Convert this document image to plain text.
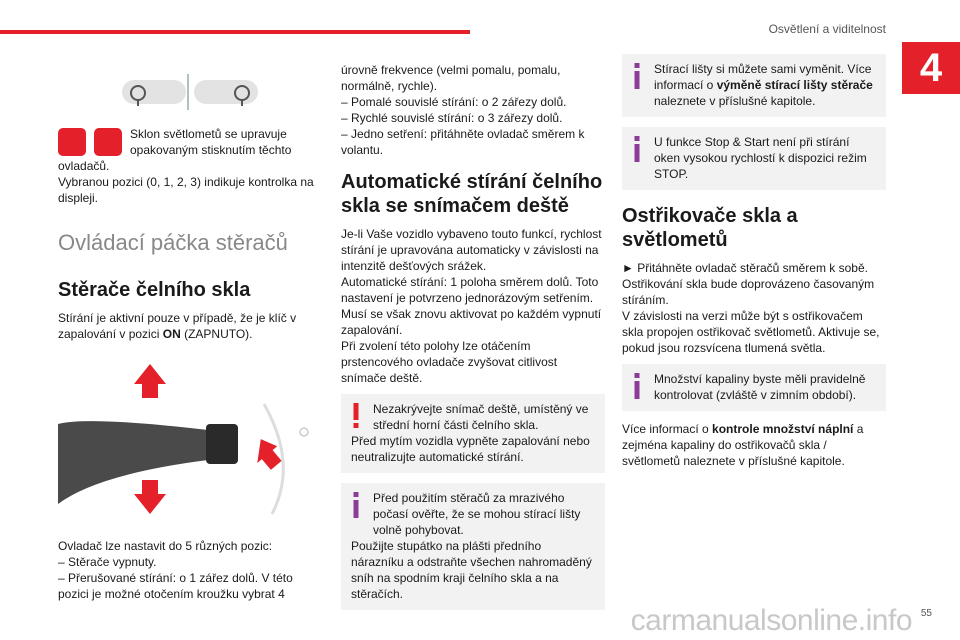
Osvětlení a viditelnost
4
Sklon světlometů se upravuje
opakovaným stisknutím těchto

ovladačů.

Vybranou pozici (0, 1, 2, 3) indikuje kontrolka na displeji.

Ovládací páčka stěračů
Stěrače čelního skla

Stírání je aktivní pouze v případě, že je klíč v zapalování v pozici ON (ZAPNUTO).

Ovladač lze nastavit do 5 různých pozic:

– Stěrače vypnuty.

– Přerušované stírání: o 1 zářez dolů. V této pozici je možné otočením kroužku vybrat 4

úrovně frekvence (velmi pomalu, pomalu, normálně, rychle).

– Pomalé souvislé stírání: o 2 zářezy dolů.

– Rychlé souvislé stírání: o 3 zářezy dolů.

– Jedno setření: přitáhněte ovladač směrem k volantu.

Automatické stírání čelního skla se snímačem deště

Je-li Vaše vozidlo vybaveno touto funkcí, rychlost stírání je upravována automaticky v závislosti na intenzitě dešťových srážek.

Automatické stírání: 1 poloha směrem dolů. Toto nastavení je potvrzeno jednorázovým setřením.

Musí se však znovu aktivovat po každém vypnutí zapalování.

Při zvolení této polohy lze otáčením prstencového ovladače zvyšovat citlivost snímače deště.

Nezakrývejte snímač deště, umístěný ve střední horní části čelního skla.

Před mytím vozidla vypněte zapalování nebo neutralizujte automatické stírání.

Před použitím stěračů za mrazivého počasí ověřte, že se mohou stírací lišty volně pohybovat.

Použijte stupátko na plášti předního nárazníku a odstraňte všechen nahromaděný sníh na spodním kraji čelního skla a na stěračích.

Stírací lišty si můžete sami vyměnit. Více informací o výměně stírací lišty stěrače naleznete v příslušné kapitole.

U funkce Stop & Start není při stírání oken vysokou rychlostí k dispozici režim STOP.

Ostřikovače skla a světlometů

► Přitáhněte ovladač stěračů směrem k sobě. Ostřikování skla bude doprovázeno časovaným stíráním.

V závislosti na verzi může být s ostřikovačem skla propojen ostřikovač světlometů. Aktivuje se, pokud jsou rozsvícena tlumená světla.

Množství kapaliny byste měli pravidelně kontrolovat (zvláště v zimním období).

Více informací o kontrole množství náplní a zejména kapaliny do ostřikovačů skla / světlometů naleznete v příslušné kapitole.

55
carmanualsonline.info
